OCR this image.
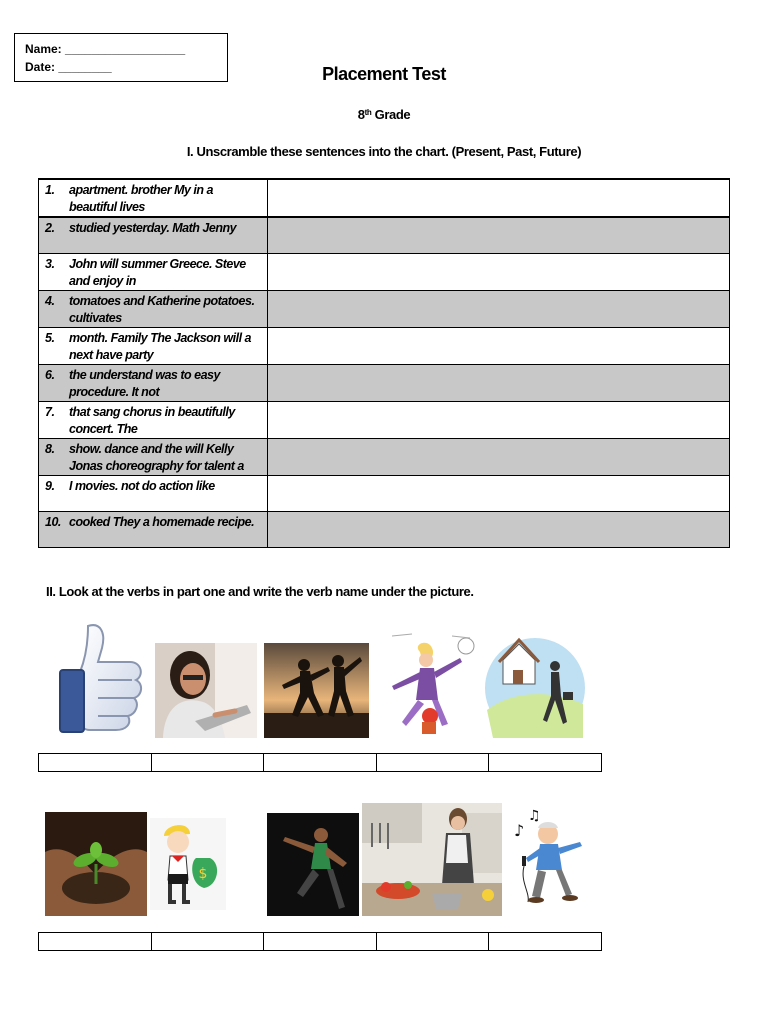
Name: __________________
Date: ________	Placement Test
8th Grade
I. Unscramble these sentences into the chart. (Present, Past, Future)
1. apartment. brother My in a beautiful lives	

2. studied yesterday. Math Jenny	

3. John will summer Greece. Steve and enjoy in	

4. tomatoes and Katherine potatoes. cultivates	

5. month. Family The Jackson will a next have party	

6. the understand was to easy procedure. It not	

7. that sang chorus in beautifully concert. The	

8. show. dance and the will Kelly Jonas choreography for talent a	

9. I movies. not do action like	

10. cooked They a homemade recipe.	

II. Look at the verbs in part one and write the verb name under the picture.
$
♪
♫
